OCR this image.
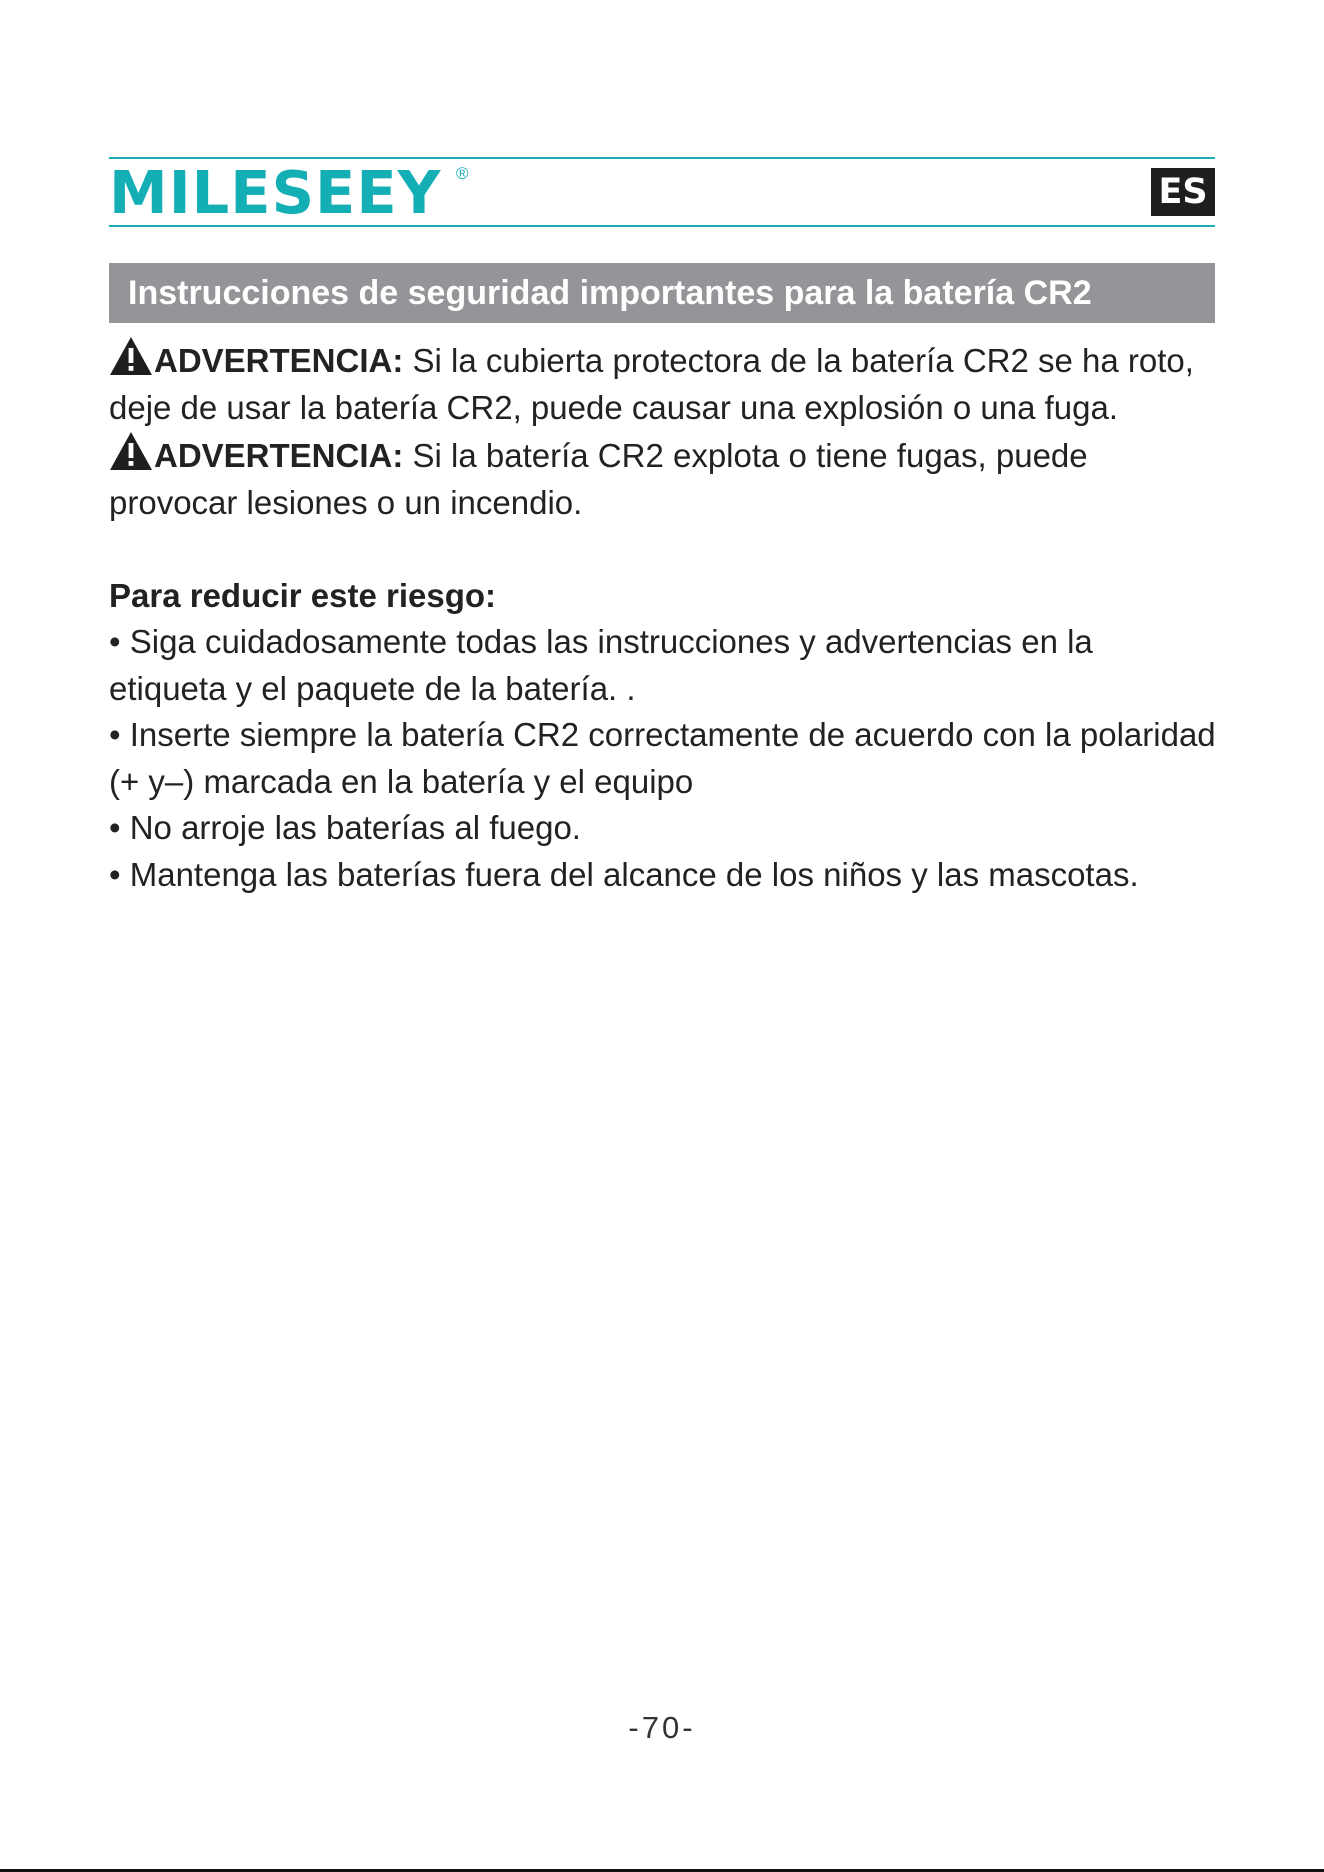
MILESEEY ®	ES
Instrucciones de seguridad importantes para la batería CR2

ADVERTENCIA: Si la cubierta protectora de la batería CR2 se ha roto, deje de usar la batería CR2, puede causar una explosión o una fuga.

ADVERTENCIA: Si la batería CR2 explota o tiene fugas, puede provocar lesiones o un incendio.

Para reducir este riesgo:

• Siga cuidadosamente todas las instrucciones y advertencias en la etiqueta y el paquete de la batería. .

• Inserte siempre la batería CR2 correctamente de acuerdo con la polaridad (+ y–) marcada en la batería y el equipo

• No arroje las baterías al fuego.

• Mantenga las baterías fuera del alcance de los niños y las mascotas.

-70-
